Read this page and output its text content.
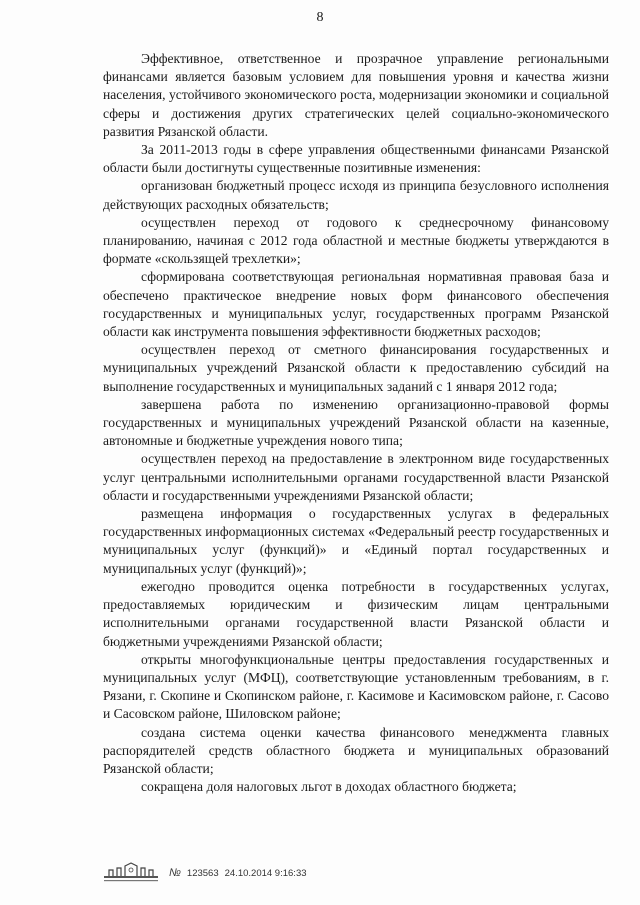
8

Эффективное, ответственное и прозрачное управление региональными финансами является базовым условием для повышения уровня и качества жизни населения, устойчивого экономического роста, модернизации экономики и социальной сферы и достижения других стратегических целей социально-экономического развития Рязанской области.

За 2011-2013 годы в сфере управления общественными финансами Рязанской области были достигнуты существенные позитивные изменения:

организован бюджетный процесс исходя из принципа безусловного исполнения действующих расходных обязательств;

осуществлен переход от годового к среднесрочному финансовому планированию, начиная с 2012 года областной и местные бюджеты утверждаются в формате «скользящей трехлетки»;

сформирована соответствующая региональная нормативная правовая база и обеспечено практическое внедрение новых форм финансового обеспечения государственных и муниципальных услуг, государственных программ Рязанской области как инструмента повышения эффективности бюджетных расходов;

осуществлен переход от сметного финансирования государственных и муниципальных учреждений Рязанской области к предоставлению субсидий на выполнение государственных и муниципальных заданий с 1 января 2012 года;

завершена работа по изменению организационно-правовой формы государственных и муниципальных учреждений Рязанской области на казенные, автономные и бюджетные учреждения нового типа;

осуществлен переход на предоставление в электронном виде государственных услуг центральными исполнительными органами государственной власти Рязанской области и государственными учреждениями Рязанской области;

размещена информация о государственных услугах в федеральных государственных информационных системах «Федеральный реестр государственных и муниципальных услуг (функций)» и «Единый портал государственных и муниципальных услуг (функций)»;

ежегодно проводится оценка потребности в государственных услугах, предоставляемых юридическим и физическим лицам центральными исполнительными органами государственной власти Рязанской области и бюджетными учреждениями Рязанской области;

открыты многофункциональные центры предоставления государственных и муниципальных услуг (МФЦ), соответствующие установленным требованиям, в г. Рязани, г. Скопине и Скопинском районе, г. Касимове и Касимовском районе, г. Сасово и Сасовском районе, Шиловском районе;

создана система оценки качества финансового менеджмента главных распорядителей средств областного бюджета и муниципальных образований Рязанской области;

сокращена доля налоговых льгот в доходах областного бюджета;

№ 123563 24.10.2014 9:16:33
